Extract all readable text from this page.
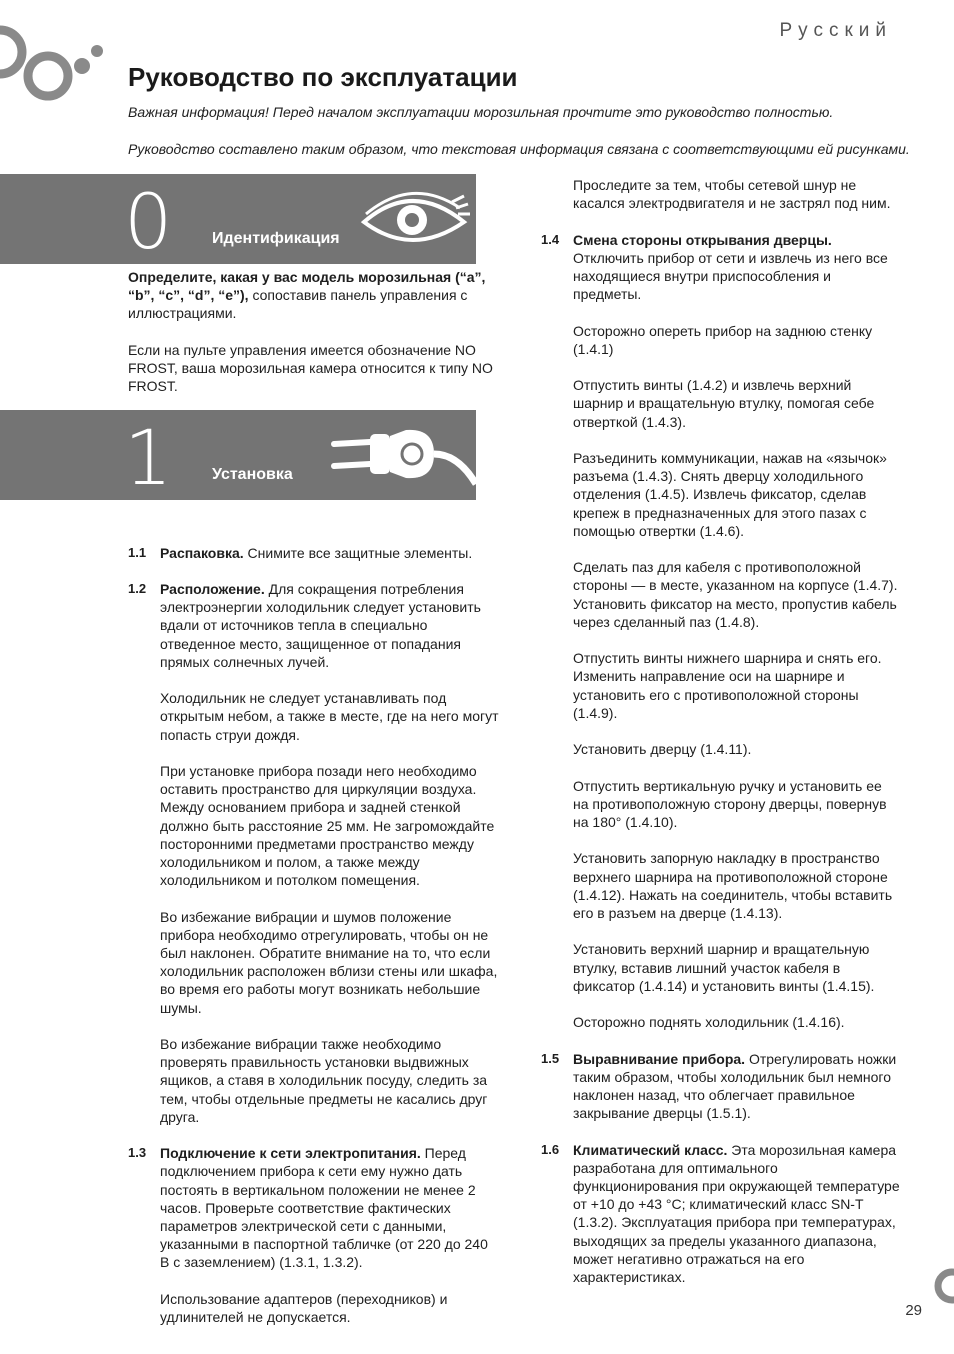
Русский
Руководство по эксплуатации
Важная информация! Перед началом эксплуатации морозильная прочтите это руководство полностью.
Руководство составлено таким образом, что текстовая информация связана с соответствующими ей рисунками.
0 Идентификация
1 Установка
Определите, какая у вас модель морозильная (“a”, “b”, “c”, “d”, “e”), сопоставив панель управления с иллюстрациями.
Если на пульте управления имеется обозначение NO FROST, ваша морозильная камера относится к типу NO FROST.
1.1 Распаковка. Снимите все защитные элементы.
1.2 Расположение. Для сокращения потребления электроэнергии холодильник следует установить вдали от источников тепла в специально отведенное место, защищенное от попадания прямых солнечных лучей.
Холодильник не следует устанавливать под открытым небом, а также в месте, где на него могут попасть струи дождя.
При установке прибора позади него необходимо оставить пространство для циркуляции воздуха. Между основанием прибора и задней стенкой должно быть расстояние 25 мм. Не загромождайте посторонними предметами пространство между холодильником и полом, а также между холодильником и потолком помещения.
Во избежание вибрации и шумов положение прибора необходимо отрегулировать, чтобы он не был наклонен. Обратите внимание на то, что если холодильник расположен вблизи стены или шкафа, во время его работы могут возникать небольшие шумы.
Во избежание вибрации также необходимо проверять правильность установки выдвижных ящиков, а ставя в холодильник посуду, следить за тем, чтобы отдельные предметы не касались друг друга.
1.3 Подключение к сети электропитания. Перед подключением прибора к сети ему нужно дать постоять в вертикальном положении не менее 2 часов. Проверьте соответствие фактических параметров электрической сети с данными, указанными в паспортной табличке (от 220 до 240 В с заземлением) (1.3.1, 1.3.2).
Использование адаптеров (переходников) и удлинителей не допускается.
Проследите за тем, чтобы сетевой шнур не касался электродвигателя и не застрял под ним.
1.4 Смена стороны открывания дверцы. Отключить прибор от сети и извлечь из него все находящиеся внутри приспособления и предметы.
Осторожно опереть прибор на заднюю стенку (1.4.1)
Отпустить винты (1.4.2) и извлечь верхний шарнир и вращательную втулку, помогая себе отверткой (1.4.3).
Разъединить коммуникации, нажав на «язычок» разъема (1.4.3). Снять дверцу холодильного отделения (1.4.5). Извлечь фиксатор, сделав крепеж в предназначенных для этого пазах с помощью отвертки (1.4.6).
Сделать паз для кабеля с противоположной стороны — в месте, указанном на корпусе (1.4.7). Установить фиксатор на место, пропустив кабель через сделанный паз (1.4.8).
Отпустить винты нижнего шарнира и снять его. Изменить направление оси на шарнире и установить его с противоположной стороны (1.4.9).
Установить дверцу (1.4.11).
Отпустить вертикальную ручку и установить ее на противоположную сторону дверцы, повернув на 180° (1.4.10).
Установить запорную накладку в пространство верхнего шарнира на противоположной стороне (1.4.12). Нажать на соединитель, чтобы вставить его в разъем на дверце (1.4.13).
Установить верхний шарнир и вращательную втулку, вставив лишний участок кабеля в фиксатор (1.4.14) и установить винты (1.4.15).
Осторожно поднять холодильник (1.4.16).
1.5 Выравнивание прибора. Отрегулировать ножки таким образом, чтобы холодильник был немного наклонен назад, что облегчает правильное закрывание дверцы (1.5.1).
1.6 Климатический класс. Эта морозильная камера разработана для оптимального функционирования при окружающей температуре от +10 до +43 °С; климатический класс SN-T (1.3.2). Эксплуатация прибора при температурах, выходящих за пределы указанного диапазона, может негативно отражаться на его характеристиках.
29
